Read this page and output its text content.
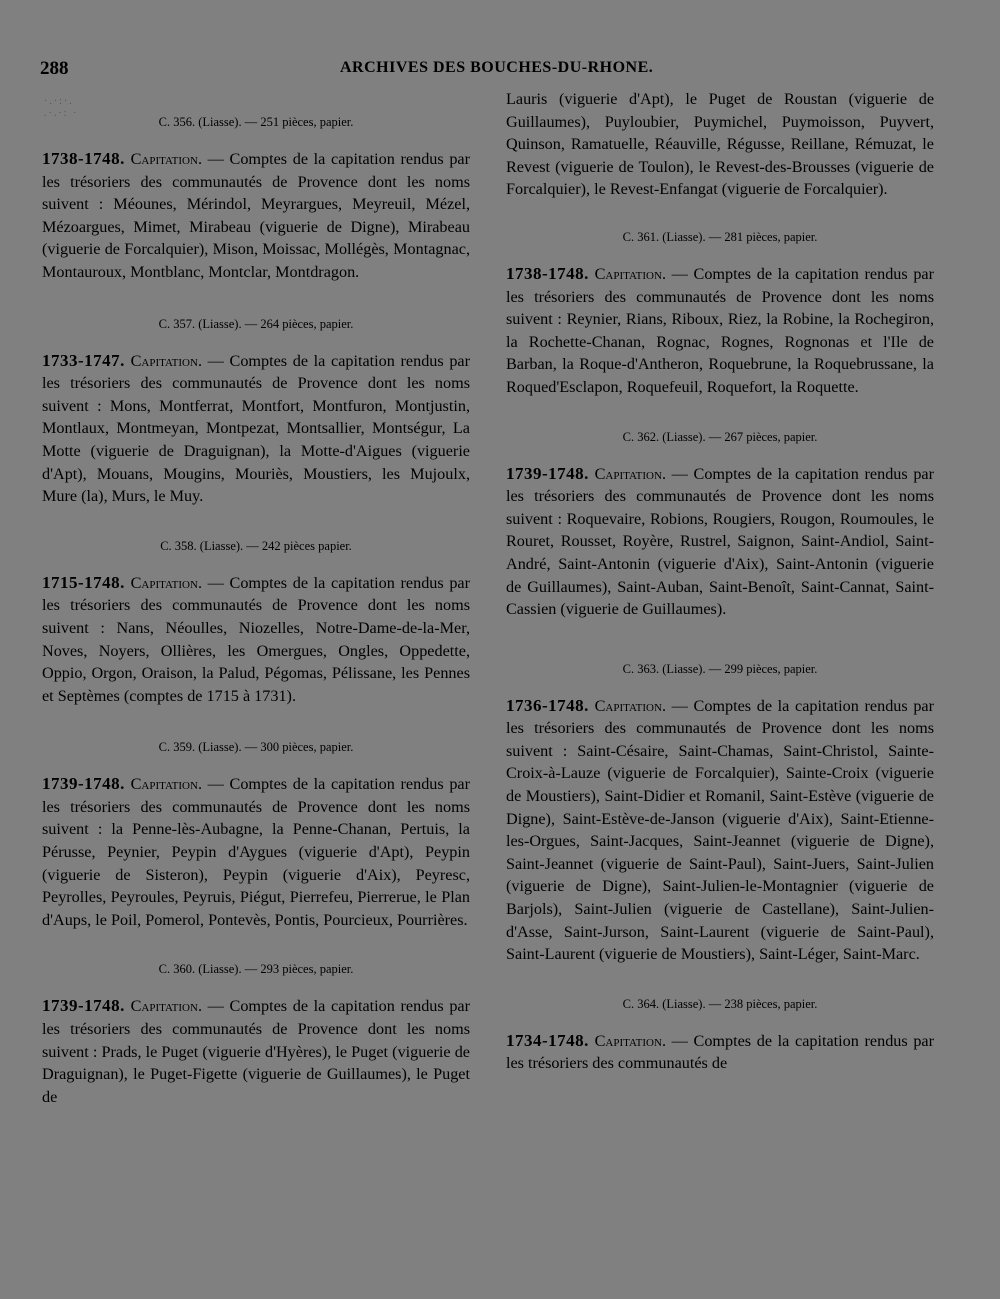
288	ARCHIVES DES BOUCHES-DU-RHONE.
·.·:·.
.·.·: ·

C. 356. (Liasse). — 251 pièces, papier.

1738-1748. Capitation. — Comptes de la capitation rendus par les trésoriers des communautés de Provence dont les noms suivent : Méounes, Mérindol, Meyrargues, Meyreuil, Mézel, Mézoargues, Mimet, Mirabeau (viguerie de Digne), Mirabeau (viguerie de Forcalquier), Mison, Moissac, Mollégès, Montagnac, Montauroux, Montblanc, Montclar, Montdragon.

C. 357. (Liasse). — 264 pièces, papier.

1733-1747. Capitation. — Comptes de la capitation rendus par les trésoriers des communautés de Provence dont les noms suivent : Mons, Montferrat, Montfort, Montfuron, Montjustin, Montlaux, Montmeyan, Montpezat, Montsallier, Montségur, La Motte (viguerie de Draguignan), la Motte-d'Aigues (viguerie d'Apt), Mouans, Mougins, Mouriès, Moustiers, les Mujoulx, Mure (la), Murs, le Muy.

C. 358. (Liasse). — 242 pièces papier.

1715-1748. Capitation. — Comptes de la capitation rendus par les trésoriers des communautés de Provence dont les noms suivent : Nans, Néoulles, Niozelles, Notre-Dame-de-la-Mer, Noves, Noyers, Ollières, les Omergues, Ongles, Oppedette, Oppio, Orgon, Oraison, la Palud, Pégomas, Pélissane, les Pennes et Septèmes (comptes de 1715 à 1731).

C. 359. (Liasse). — 300 pièces, papier.

1739-1748. Capitation. — Comptes de la capitation rendus par les trésoriers des communautés de Provence dont les noms suivent : la Penne-lès-Aubagne, la Penne-Chanan, Pertuis, la Pérusse, Peynier, Peypin d'Aygues (viguerie d'Apt), Peypin (viguerie de Sisteron), Peypin (viguerie d'Aix), Peyresc, Peyrolles, Peyroules, Peyruis, Piégut, Pierrefeu, Pierrerue, le Plan d'Aups, le Poil, Pomerol, Pontevès, Pontis, Pourcieux, Pourrières.

C. 360. (Liasse). — 293 pièces, papier.

1739-1748. Capitation. — Comptes de la capitation rendus par les trésoriers des communautés de Provence dont les noms suivent : Prads, le Puget (viguerie d'Hyères), le Puget (viguerie de Draguignan), le Puget-Figette (viguerie de Guillaumes), le Puget de

Lauris (viguerie d'Apt), le Puget de Roustan (viguerie de Guillaumes), Puyloubier, Puymichel, Puymoisson, Puyvert, Quinson, Ramatuelle, Réauville, Régusse, Reillane, Rémuzat, le Revest (viguerie de Toulon), le Revest-des-Brousses (viguerie de Forcalquier), le Revest-Enfangat (viguerie de Forcalquier).

C. 361. (Liasse). — 281 pièces, papier.

1738-1748. Capitation. — Comptes de la capitation rendus par les trésoriers des communautés de Provence dont les noms suivent : Reynier, Rians, Riboux, Riez, la Robine, la Rochegiron, la Rochette-Chanan, Rognac, Rognes, Rognonas et l'Ile de Barban, la Roque-d'Antheron, Roquebrune, la Roquebrussane, la Roqued'Esclapon, Roquefeuil, Roquefort, la Roquette.

C. 362. (Liasse). — 267 pièces, papier.

1739-1748. Capitation. — Comptes de la capitation rendus par les trésoriers des communautés de Provence dont les noms suivent : Roquevaire, Robions, Rougiers, Rougon, Roumoules, le Rouret, Rousset, Royère, Rustrel, Saignon, Saint-Andiol, Saint-André, Saint-Antonin (viguerie d'Aix), Saint-Antonin (viguerie de Guillaumes), Saint-Auban, Saint-Benoît, Saint-Cannat, Saint-Cassien (viguerie de Guillaumes).

C. 363. (Liasse). — 299 pièces, papier.

1736-1748. Capitation. — Comptes de la capitation rendus par les trésoriers des communautés de Provence dont les noms suivent : Saint-Césaire, Saint-Chamas, Saint-Christol, Sainte-Croix-à-Lauze (viguerie de Forcalquier), Sainte-Croix (viguerie de Moustiers), Saint-Didier et Romanil, Saint-Estève (viguerie de Digne), Saint-Estève-de-Janson (viguerie d'Aix), Saint-Etienne-les-Orgues, Saint-Jacques, Saint-Jeannet (viguerie de Digne), Saint-Jeannet (viguerie de Saint-Paul), Saint-Juers, Saint-Julien (viguerie de Digne), Saint-Julien-le-Montagnier (viguerie de Barjols), Saint-Julien (viguerie de Castellane), Saint-Julien-d'Asse, Saint-Jurson, Saint-Laurent (viguerie de Saint-Paul), Saint-Laurent (viguerie de Moustiers), Saint-Léger, Saint-Marc.

C. 364. (Liasse). — 238 pièces, papier.

1734-1748. Capitation. — Comptes de la capitation rendus par les trésoriers des communautés de
